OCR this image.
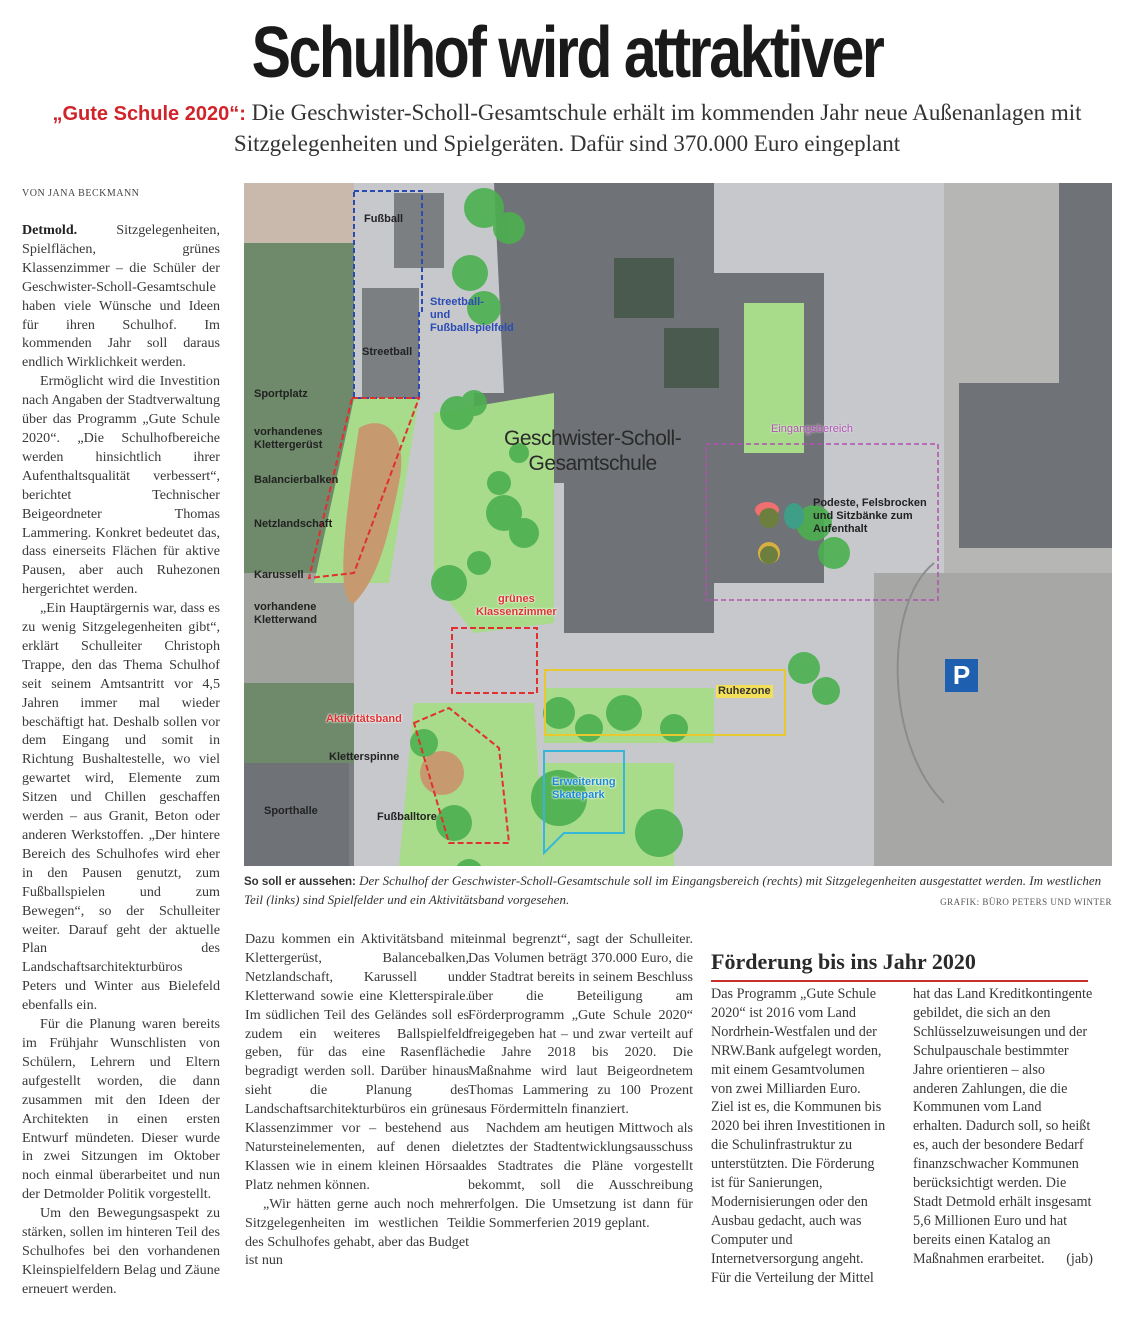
Schulhof wird attraktiver
„Gute Schule 2020“: Die Geschwister-Scholl-Gesamtschule erhält im kommenden Jahr neue Außenanlagen mit Sitzgelegenheiten und Spielgeräten. Dafür sind 370.000 Euro eingeplant
VON JANA BECKMANN

Detmold. Sitzgelegenheiten, Spielflächen, grünes Klassenzimmer – die Schüler der Geschwister-Scholl-Gesamtschule haben viele Wünsche und Ideen für ihren Schulhof. Im kommenden Jahr soll daraus endlich Wirklichkeit werden.

Ermöglicht wird die Investition nach Angaben der Stadtverwaltung über das Programm „Gute Schule 2020“. „Die Schulhofbereiche werden hinsichtlich ihrer Aufenthaltsqualität verbessert“, berichtet Technischer Beigeordneter Thomas Lammering. Konkret bedeutet das, dass einerseits Flächen für aktive Pausen, aber auch Ruhezonen hergerichtet werden.

„Ein Hauptärgernis war, dass es zu wenig Sitzgelegenheiten gibt“, erklärt Schulleiter Christoph Trappe, den das Thema Schulhof seit seinem Amtsantritt vor 4,5 Jahren immer mal wieder beschäftigt hat. Deshalb sollen vor dem Eingang und somit in Richtung Bushaltestelle, wo viel gewartet wird, Elemente zum Sitzen und Chillen geschaffen werden – aus Granit, Beton oder anderen Werkstoffen. „Der hintere Bereich des Schulhofes wird eher in den Pausen genutzt, zum Fußballspielen und zum Bewegen“, so der Schulleiter weiter. Darauf geht der aktuelle Plan des Landschaftsarchitekturbüros Peters und Winter aus Bielefeld ebenfalls ein.

Für die Planung waren bereits im Frühjahr Wunschlisten von Schülern, Lehrern und Eltern aufgestellt worden, die dann zusammen mit den Ideen der Architekten in einen ersten Entwurf mündeten. Dieser wurde in zwei Sitzungen im Oktober noch einmal überarbeitet und nun der Detmolder Politik vorgestellt.

Um den Bewegungsaspekt zu stärken, sollen im hinteren Teil des Schulhofes bei den vorhandenen Kleinspielfeldern Belag und Zäune erneuert werden.

Dazu kommen ein Aktivitätsband mit Klettergerüst, Balancebalken, Netzlandschaft, Karussell und Kletterwand sowie eine Kletterspirale. Im südlichen Teil des Geländes soll es zudem ein weiteres Ballspielfeld geben, für das eine Rasenfläche begradigt werden soll. Darüber hinaus sieht die Planung des Landschaftsarchitekturbüros ein grünes Klassenzimmer vor – bestehend aus Natursteinelementen, auf denen die Klassen wie in einem kleinen Hörsaal Platz nehmen können.

„Wir hätten gerne auch noch mehr Sitzgelegenheiten im westlichen Teil des Schulhofes gehabt, aber das Budget ist nun

einmal begrenzt“, sagt der Schulleiter. Das Volumen beträgt 370.000 Euro, die der Stadtrat bereits in seinem Beschluss über die Beteiligung am Förderprogramm „Gute Schule 2020“ freigegeben hat – und zwar verteilt auf die Jahre 2018 bis 2020. Die Maßnahme wird laut Beigeordnetem Thomas Lammering zu 100 Prozent aus Fördermitteln finanziert.

Nachdem am heutigen Mittwoch als letztes der Stadtentwicklungsausschuss des Stadtrates die Pläne vorgestellt bekommt, soll die Ausschreibung erfolgen. Die Umsetzung ist dann für die Sommerferien 2019 geplant.

Fußball
Streetball
Streetball-
und
Fußballspielfeld
Sportplatz
vorhandenes
Klettergerüst
Balancierbalken
Netzlandschaft
Karussell
vorhandene
Kletterwand
Aktivitätsband
Kletterspinne
Fußballtore
Sporthalle
Geschwister-Scholl-
Gesamtschule
grünes
Klassenzimmer
Eingangsbereich
Podeste, Felsbrocken
und Sitzbänke zum
Aufenthalt
Ruhezone
Erweiterung
Skatepark
P
So soll er aussehen: Der Schulhof der Geschwister-Scholl-Gesamtschule soll im Eingangsbereich (rechts) mit Sitzgelegenheiten ausgestattet werden. Im westlichen Teil (links) sind Spielfelder und ein Aktivitätsband vorgesehen.	GRAFIK: BÜRO PETERS UND WINTER
Förderung bis ins Jahr 2020

Das Programm „Gute Schule 2020“ ist 2016 vom Land Nordrhein-Westfalen und der NRW.Bank aufgelegt worden, mit einem Gesamtvolumen von zwei Milliarden Euro. Ziel ist es, die Kommunen bis 2020 bei ihren Investitionen in die Schulinfrastruktur zu unterstützten. Die Förderung ist für Sanierungen, Modernisierungen oder den Ausbau gedacht, auch was Computer und Internetversorgung angeht. Für die Verteilung der Mittel

hat das Land Kreditkontingente gebildet, die sich an den Schlüsselzuweisungen und der Schulpauschale bestimmter Jahre orientieren – also anderen Zahlungen, die die Kommunen vom Land erhalten. Dadurch soll, so heißt es, auch der besondere Bedarf finanzschwacher Kommunen berücksichtigt werden. Die Stadt Detmold erhält insgesamt 5,6 Millionen Euro und hat bereits einen Katalog an Maßnahmen erarbeitet. (jab)
